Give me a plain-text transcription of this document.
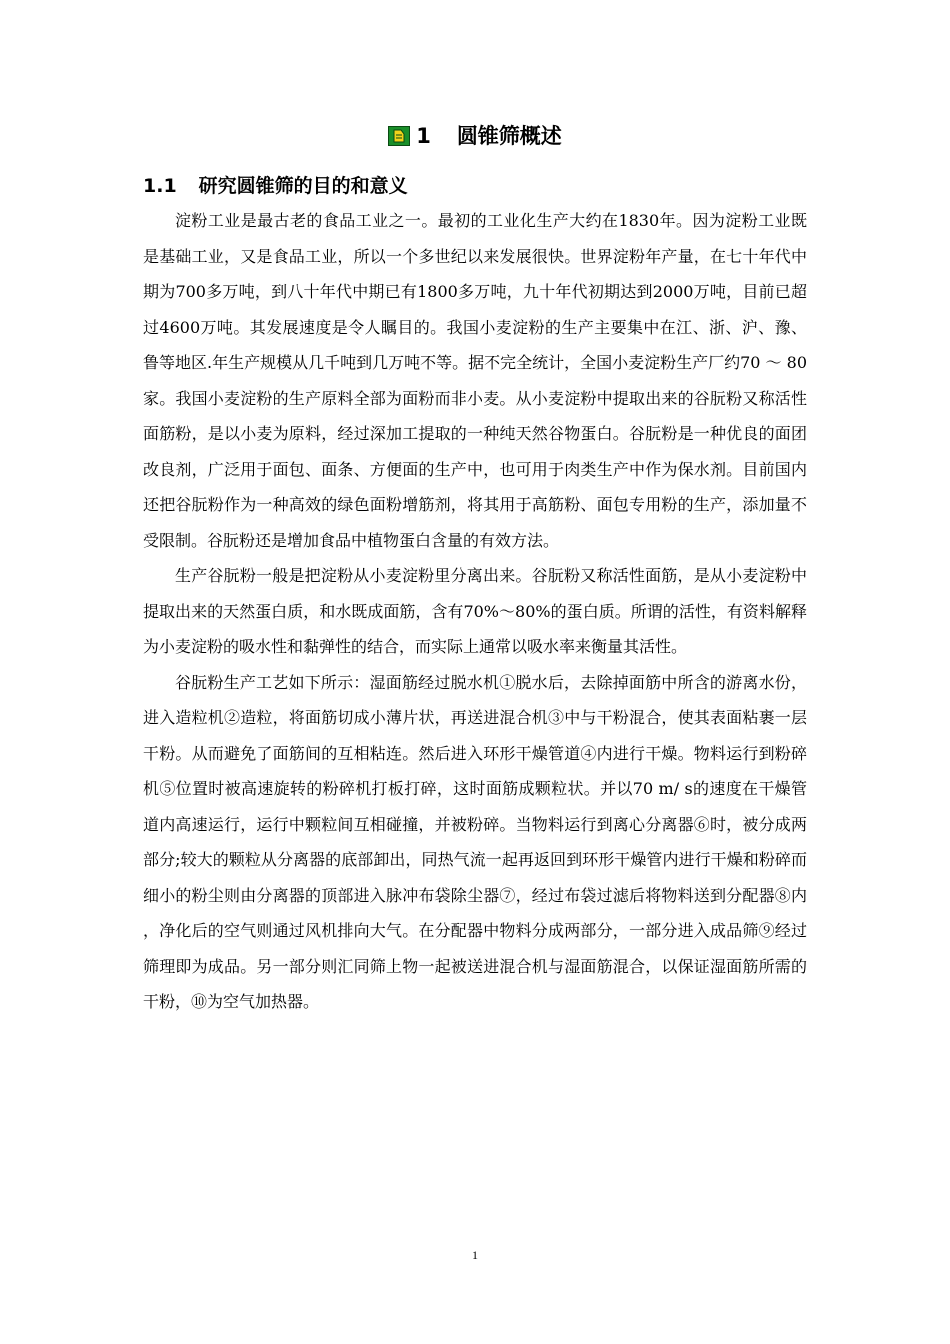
1 圆锥筛概述
1.1 研究圆锥筛的目的和意义

淀粉工业是最古老的食品工业之一。最初的工业化生产大约在1830年。因为淀粉工业既是基础工业，又是食品工业，所以一个多世纪以来发展很快。世界淀粉年产量，在七十年代中期为700多万吨，到八十年代中期已有1800多万吨，九十年代初期达到2000万吨，目前已超过4600万吨。其发展速度是令人瞩目的。我国小麦淀粉的生产主要集中在江、浙、沪、豫、鲁等地区.年生产规模从几千吨到几万吨不等。据不完全统计，全国小麦淀粉生产厂约70 ～ 80家。我国小麦淀粉的生产原料全部为面粉而非小麦。从小麦淀粉中提取出来的谷朊粉又称活性面筋粉，是以小麦为原料，经过深加工提取的一种纯天然谷物蛋白。谷朊粉是一种优良的面团改良剂，广泛用于面包、面条、方便面的生产中，也可用于肉类生产中作为保水剂。目前国内还把谷朊粉作为一种高效的绿色面粉增筋剂，将其用于高筋粉、面包专用粉的生产，添加量不受限制。谷朊粉还是增加食品中植物蛋白含量的有效方法。

生产谷朊粉一般是把淀粉从小麦淀粉里分离出来。谷朊粉又称活性面筋，是从小麦淀粉中提取出来的天然蛋白质，和水既成面筋，含有70%～80%的蛋白质。所谓的活性，有资料解释为小麦淀粉的吸水性和黏弹性的结合，而实际上通常以吸水率来衡量其活性。

谷朊粉生产工艺如下所示：湿面筋经过脱水机①脱水后，去除掉面筋中所含的游离水份，进入造粒机②造粒，将面筋切成小薄片状，再送进混合机③中与干粉混合，使其表面粘裹一层干粉。从而避免了面筋间的互相粘连。然后进入环形干燥管道④内进行干燥。物料运行到粉碎机⑤位置时被高速旋转的粉碎机打板打碎，这时面筋成颗粒状。并以70 m/ s的速度在干燥管道内高速运行，运行中颗粒间互相碰撞，并被粉碎。当物料运行到离心分离器⑥时，被分成两部分;较大的颗粒从分离器的底部卸出，同热气流一起再返回到环形干燥管内进行干燥和粉碎而细小的粉尘则由分离器的顶部进入脉冲布袋除尘器⑦，经过布袋过滤后将物料送到分配器⑧内，净化后的空气则通过风机排向大气。在分配器中物料分成两部分，一部分进入成品筛⑨经过筛理即为成品。另一部分则汇同筛上物一起被送进混合机与湿面筋混合，以保证湿面筋所需的干粉，⑩为空气加热器。

1
